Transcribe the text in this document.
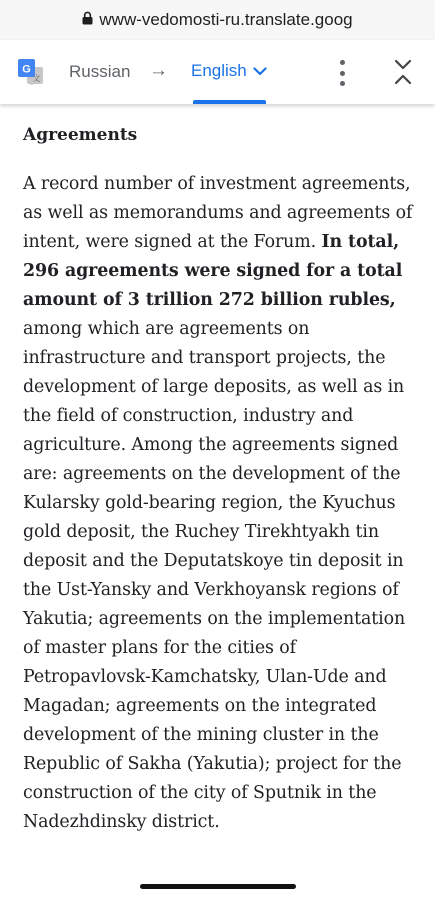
www-vedomosti-ru.translate.goog
G
文 Russian → English

Agreements

A record number of investment agreements, as well as memorandums and agreements of intent, were signed at the Forum. In total, 296 agreements were signed for a total amount of 3 trillion 272 billion rubles, among which are agreements on infrastructure and transport projects, the development of large deposits, as well as in the field of construction, industry and agriculture. Among the agreements signed are: agreements on the development of the Kularsky gold-bearing region, the Kyuchus gold deposit, the Ruchey Tirekhtyakh tin deposit and the Deputatskoye tin deposit in the Ust-Yansky and Verkhoyansk regions of Yakutia; agreements on the implementation of master plans for the cities of Petropavlovsk-Kamchatsky, Ulan-Ude and Magadan; agreements on the integrated development of the mining cluster in the Republic of Sakha (Yakutia); project for the construction of the city of Sputnik in the Nadezhdinsky district.
